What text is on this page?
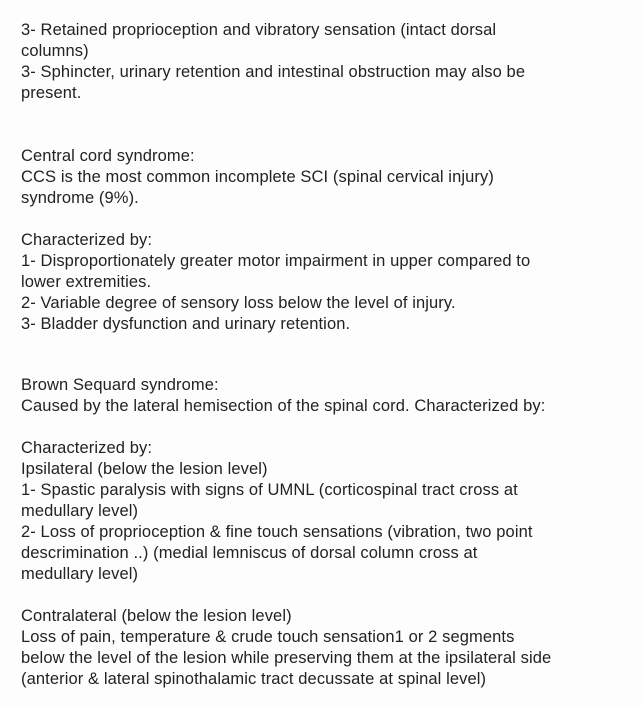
3- Retained proprioception and vibratory sensation (intact dorsal

columns)

3- Sphincter, urinary retention and intestinal obstruction may also be

present.

Central cord syndrome:

CCS is the most common incomplete SCI (spinal cervical injury)

syndrome (9%).

Characterized by:

1- Disproportionately greater motor impairment in upper compared to

lower extremities.

2- Variable degree of sensory loss below the level of injury.

3- Bladder dysfunction and urinary retention.

Brown Sequard syndrome:

Caused by the lateral hemisection of the spinal cord. Characterized by:

Characterized by:

Ipsilateral (below the lesion level)

1- Spastic paralysis with signs of UMNL (corticospinal tract cross at

medullary level)

2- Loss of proprioception & fine touch sensations (vibration, two point

descrimination ..) (medial lemniscus of dorsal column cross at

medullary level)

Contralateral (below the lesion level)

Loss of pain, temperature & crude touch sensation1 or 2 segments

below the level of the lesion while preserving them at the ipsilateral side

(anterior & lateral spinothalamic tract decussate at spinal level)
